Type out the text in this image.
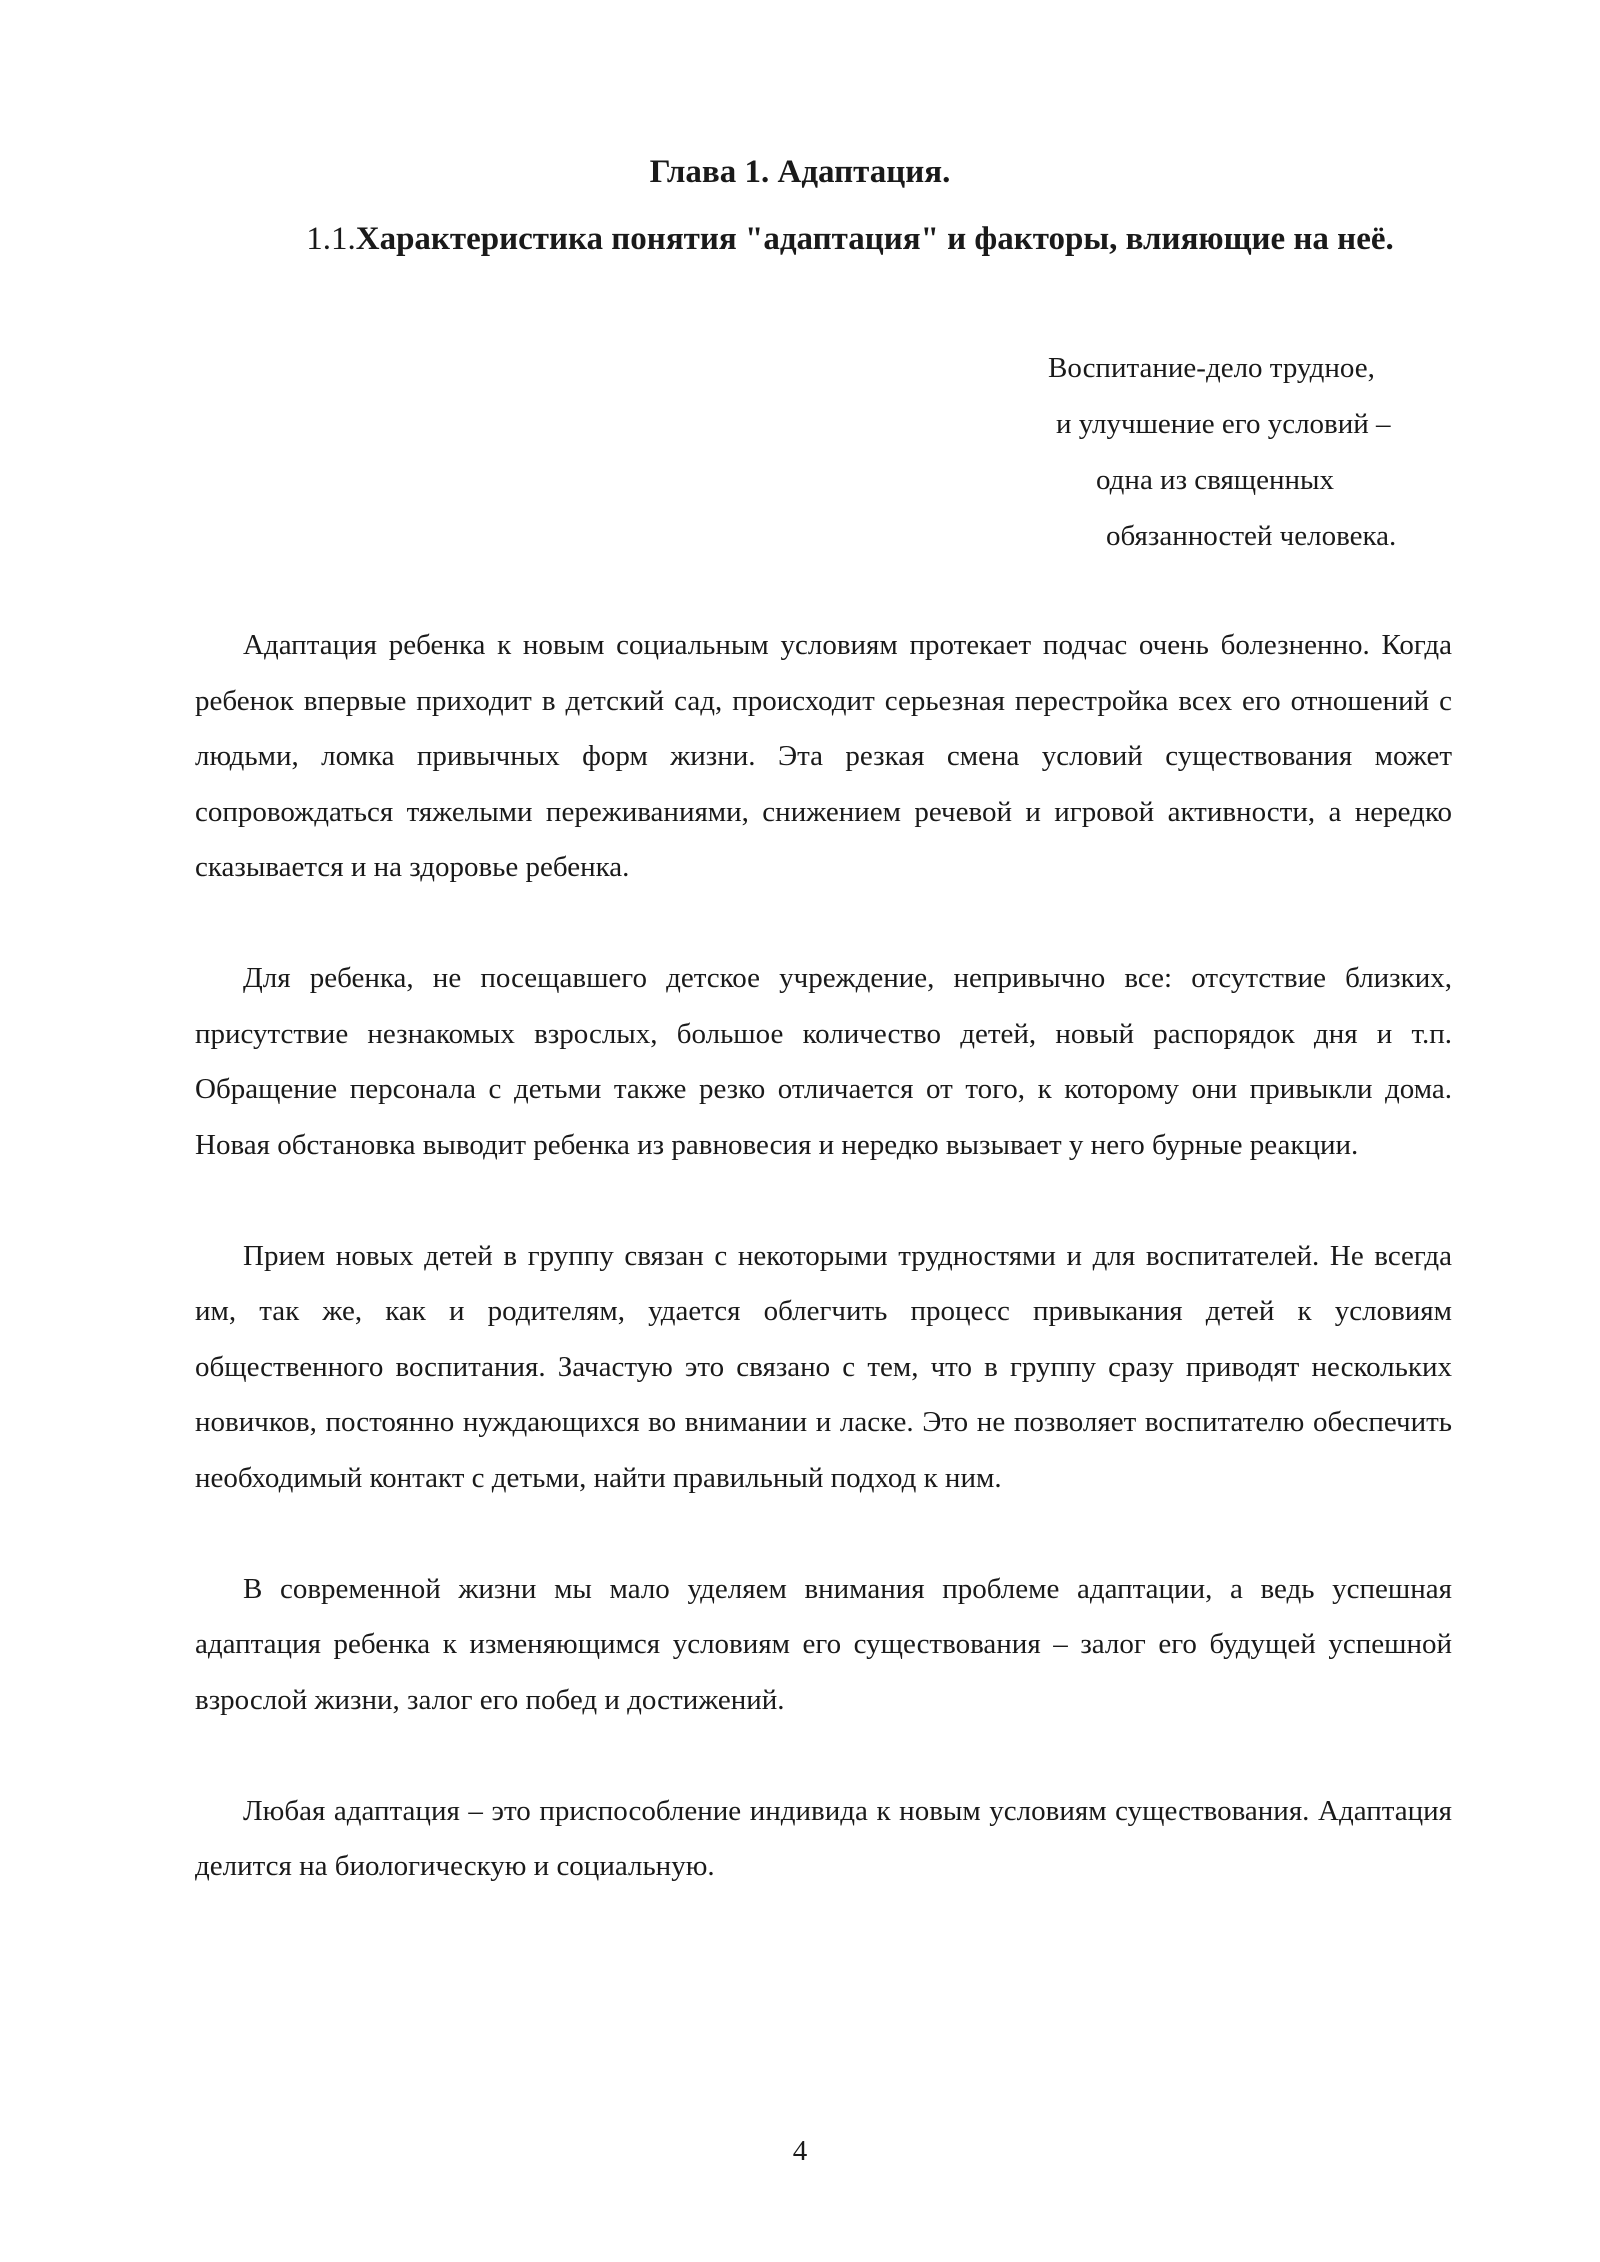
Глава 1. Адаптация.
1.1.Характеристика понятия "адаптация" и факторы, влияющие на неё.
Воспитание-дело трудное,
и улучшение его условий –
одна из священных
обязанностей человека.

Адаптация ребенка к новым социальным условиям протекает подчас очень болезненно. Когда ребенок впервые приходит в детский сад, происходит серьезная перестройка всех его отношений с людьми, ломка привычных форм жизни. Эта резкая смена условий существования может сопровождаться тяжелыми переживаниями, снижением речевой и игровой активности, а нередко сказывается и на здоровье ребенка.

Для ребенка, не посещавшего детское учреждение, непривычно все: отсутствие близких, присутствие незнакомых взрослых, большое количество детей, новый распорядок дня и т.п. Обращение персонала с детьми также резко отличается от того, к которому они привыкли дома. Новая обстановка выводит ребенка из равновесия и нередко вызывает у него бурные реакции.

Прием новых детей в группу связан с некоторыми трудностями и для воспитателей. Не всегда им, так же, как и родителям, удается облегчить процесс привыкания детей к условиям общественного воспитания. Зачастую это связано с тем, что в группу сразу приводят нескольких новичков, постоянно нуждающихся во внимании и ласке. Это не позволяет воспитателю обеспечить необходимый контакт с детьми, найти правильный подход к ним.

В современной жизни мы мало уделяем внимания проблеме адаптации, а ведь успешная адаптация ребенка к изменяющимся условиям его существования – залог его будущей успешной взрослой жизни, залог его побед и достижений.

Любая адаптация – это приспособление индивида к новым условиям существования. Адаптация делится на биологическую и социальную.

4
